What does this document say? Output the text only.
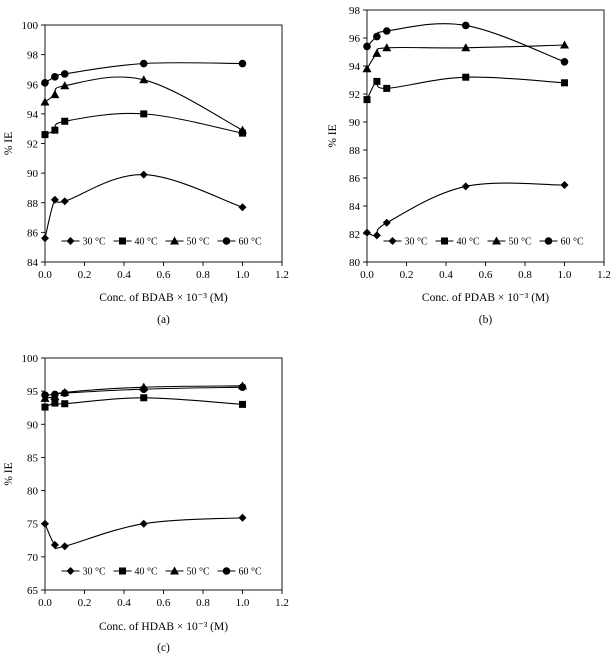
0.0 0.2 0.4 0.6 0.8 1.0 1.2
84
86
88
90
92
94
96
98
100
Conc. of BDAB × 10⁻³ (M)
% IE
(a)
30 °C	40 °C	50 °C	60 °C
0.0 0.2 0.4 0.6 0.8 1.0 1.2
80
82
84
86
88
90
92
94
96
98
Conc. of PDAB × 10⁻³ (M)
% IE
(b)
30 °C	40 °C	50 °C	60 °C
0.0 0.2 0.4 0.6 0.8 1.0 1.2
65
70
75
80
85
90
95
100
Conc. of HDAB × 10⁻³ (M)
% IE
(c)
30 °C	40 °C	50 °C	60 °C
